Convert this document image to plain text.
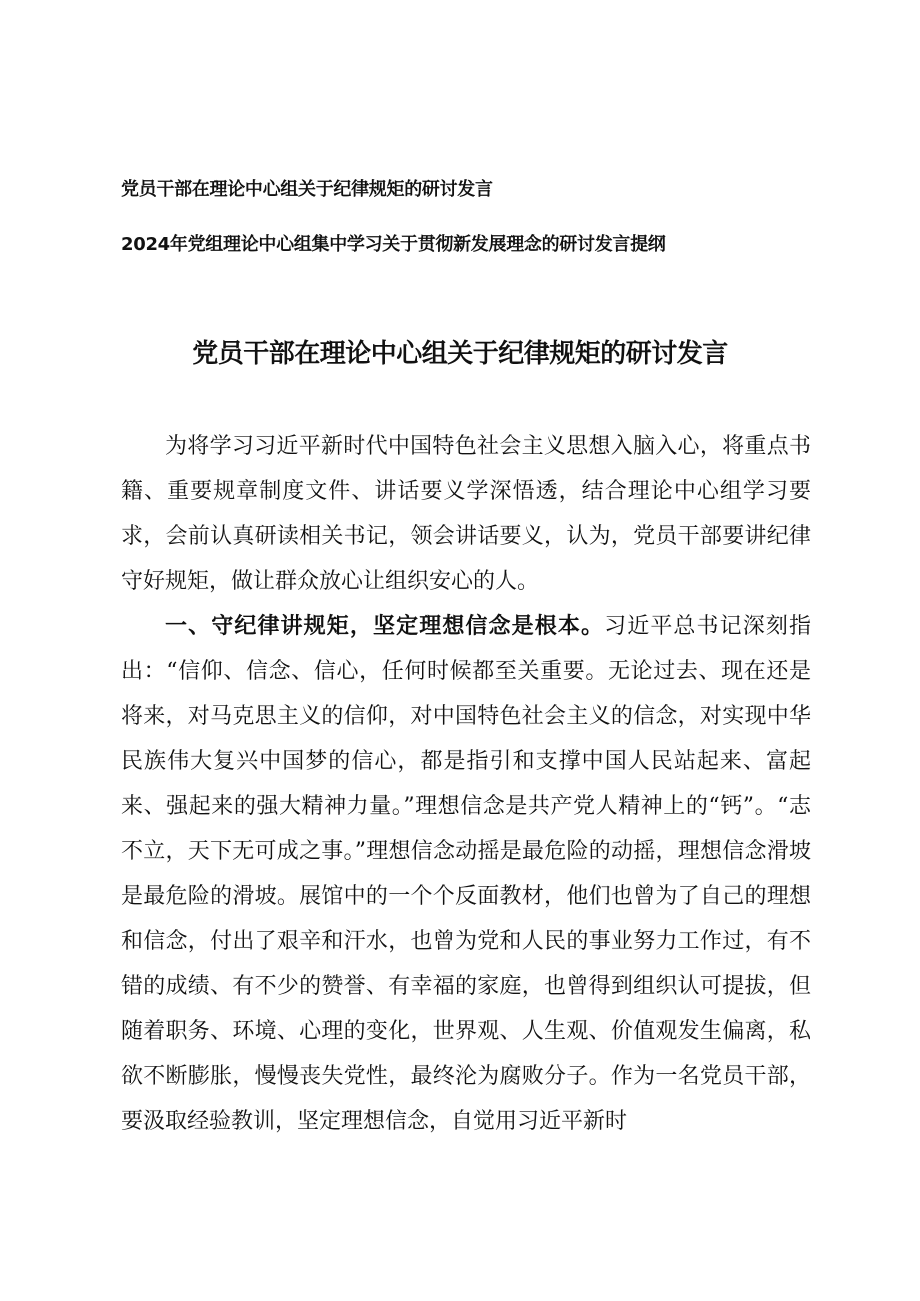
党员干部在理论中心组关于纪律规矩的研讨发言

2024年党组理论中心组集中学习关于贯彻新发展理念的研讨发言提纲

党员干部在理论中心组关于纪律规矩的研讨发言

为将学习习近平新时代中国特色社会主义思想入脑入心，将重点书籍、重要规章制度文件、讲话要义学深悟透，结合理论中心组学习要求，会前认真研读相关书记，领会讲话要义，认为，党员干部要讲纪律守好规矩，做让群众放心让组织安心的人。

一、守纪律讲规矩，坚定理想信念是根本。习近平总书记深刻指出：“信仰、信念、信心，任何时候都至关重要。无论过去、现在还是将来，对马克思主义的信仰，对中国特色社会主义的信念，对实现中华民族伟大复兴中国梦的信心，都是指引和支撑中国人民站起来、富起来、强起来的强大精神力量。”理想信念是共产党人精神上的“钙”。“志不立，天下无可成之事。”理想信念动摇是最危险的动摇，理想信念滑坡是最危险的滑坡。展馆中的一个个反面教材，他们也曾为了自己的理想和信念，付出了艰辛和汗水，也曾为党和人民的事业努力工作过，有不错的成绩、有不少的赞誉、有幸福的家庭，也曾得到组织认可提拔，但随着职务、环境、心理的变化，世界观、人生观、价值观发生偏离，私欲不断膨胀，慢慢丧失党性，最终沦为腐败分子。作为一名党员干部，要汲取经验教训，坚定理想信念，自觉用习近平新时
